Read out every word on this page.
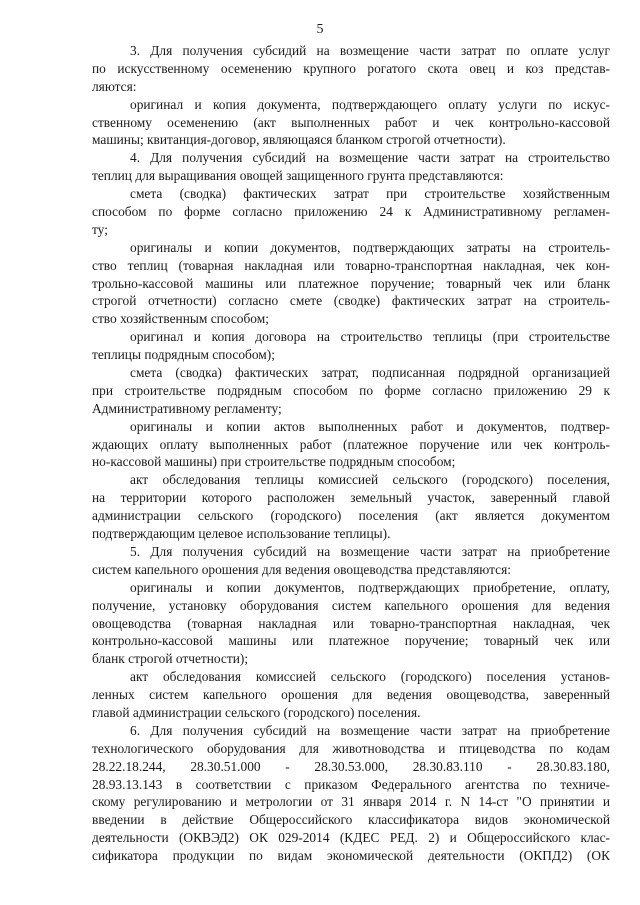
5
3. Для получения субсидий на возмещение части затрат по оплате услуг
по искусственному осеменению крупного рогатого скота овец и коз представ-
ляются:
оригинал и копия документа, подтверждающего оплату услуги по искус-
ственному осеменению (акт выполненных работ и чек контрольно-кассовой
машины; квитанция-договор, являющаяся бланком строгой отчетности).
4. Для получения субсидий на возмещение части затрат на строительство
теплиц для выращивания овощей защищенного грунта представляются:
смета (сводка) фактических затрат при строительстве хозяйственным
способом по форме согласно приложению 24 к Административному регламен-
ту;
оригиналы и копии документов, подтверждающих затраты на строитель-
ство теплиц (товарная накладная или товарно-транспортная накладная, чек кон-
трольно-кассовой машины или платежное поручение; товарный чек или бланк
строгой отчетности) согласно смете (сводке) фактических затрат на строитель-
ство хозяйственным способом;
оригинал и копия договора на строительство теплицы (при строительстве
теплицы подрядным способом);
смета (сводка) фактических затрат, подписанная подрядной организацией
при строительстве подрядным способом по форме согласно приложению 29 к
Административному регламенту;
оригиналы и копии актов выполненных работ и документов, подтвер-
ждающих оплату выполненных работ (платежное поручение или чек контроль-
но-кассовой машины) при строительстве подрядным способом;
акт обследования теплицы комиссией сельского (городского) поселения,
на территории которого расположен земельный участок, заверенный главой
администрации сельского (городского) поселения (акт является документом
подтверждающим целевое использование теплицы).
5. Для получения субсидий на возмещение части затрат на приобретение
систем капельного орошения для ведения овощеводства представляются:
оригиналы и копии документов, подтверждающих приобретение, оплату,
получение, установку оборудования систем капельного орошения для ведения
овощеводства (товарная накладная или товарно-транспортная накладная, чек
контрольно-кассовой машины или платежное поручение; товарный чек или
бланк строгой отчетности);
акт обследования комиссией сельского (городского) поселения установ-
ленных систем капельного орошения для ведения овощеводства, заверенный
главой администрации сельского (городского) поселения.
6. Для получения субсидий на возмещение части затрат на приобретение
технологического оборудования для животноводства и птицеводства по кодам
28.22.18.244, 28.30.51.000 - 28.30.53.000, 28.30.83.110 - 28.30.83.180,
28.93.13.143 в соответствии с приказом Федерального агентства по техниче-
скому регулированию и метрологии от 31 января 2014 г. N 14-ст "О принятии и
введении в действие Общероссийского классификатора видов экономической
деятельности (ОКВЭД2) ОК 029-2014 (КДЕС РЕД. 2) и Общероссийского клас-
сификатора продукции по видам экономической деятельности (ОКПД2) (ОК
